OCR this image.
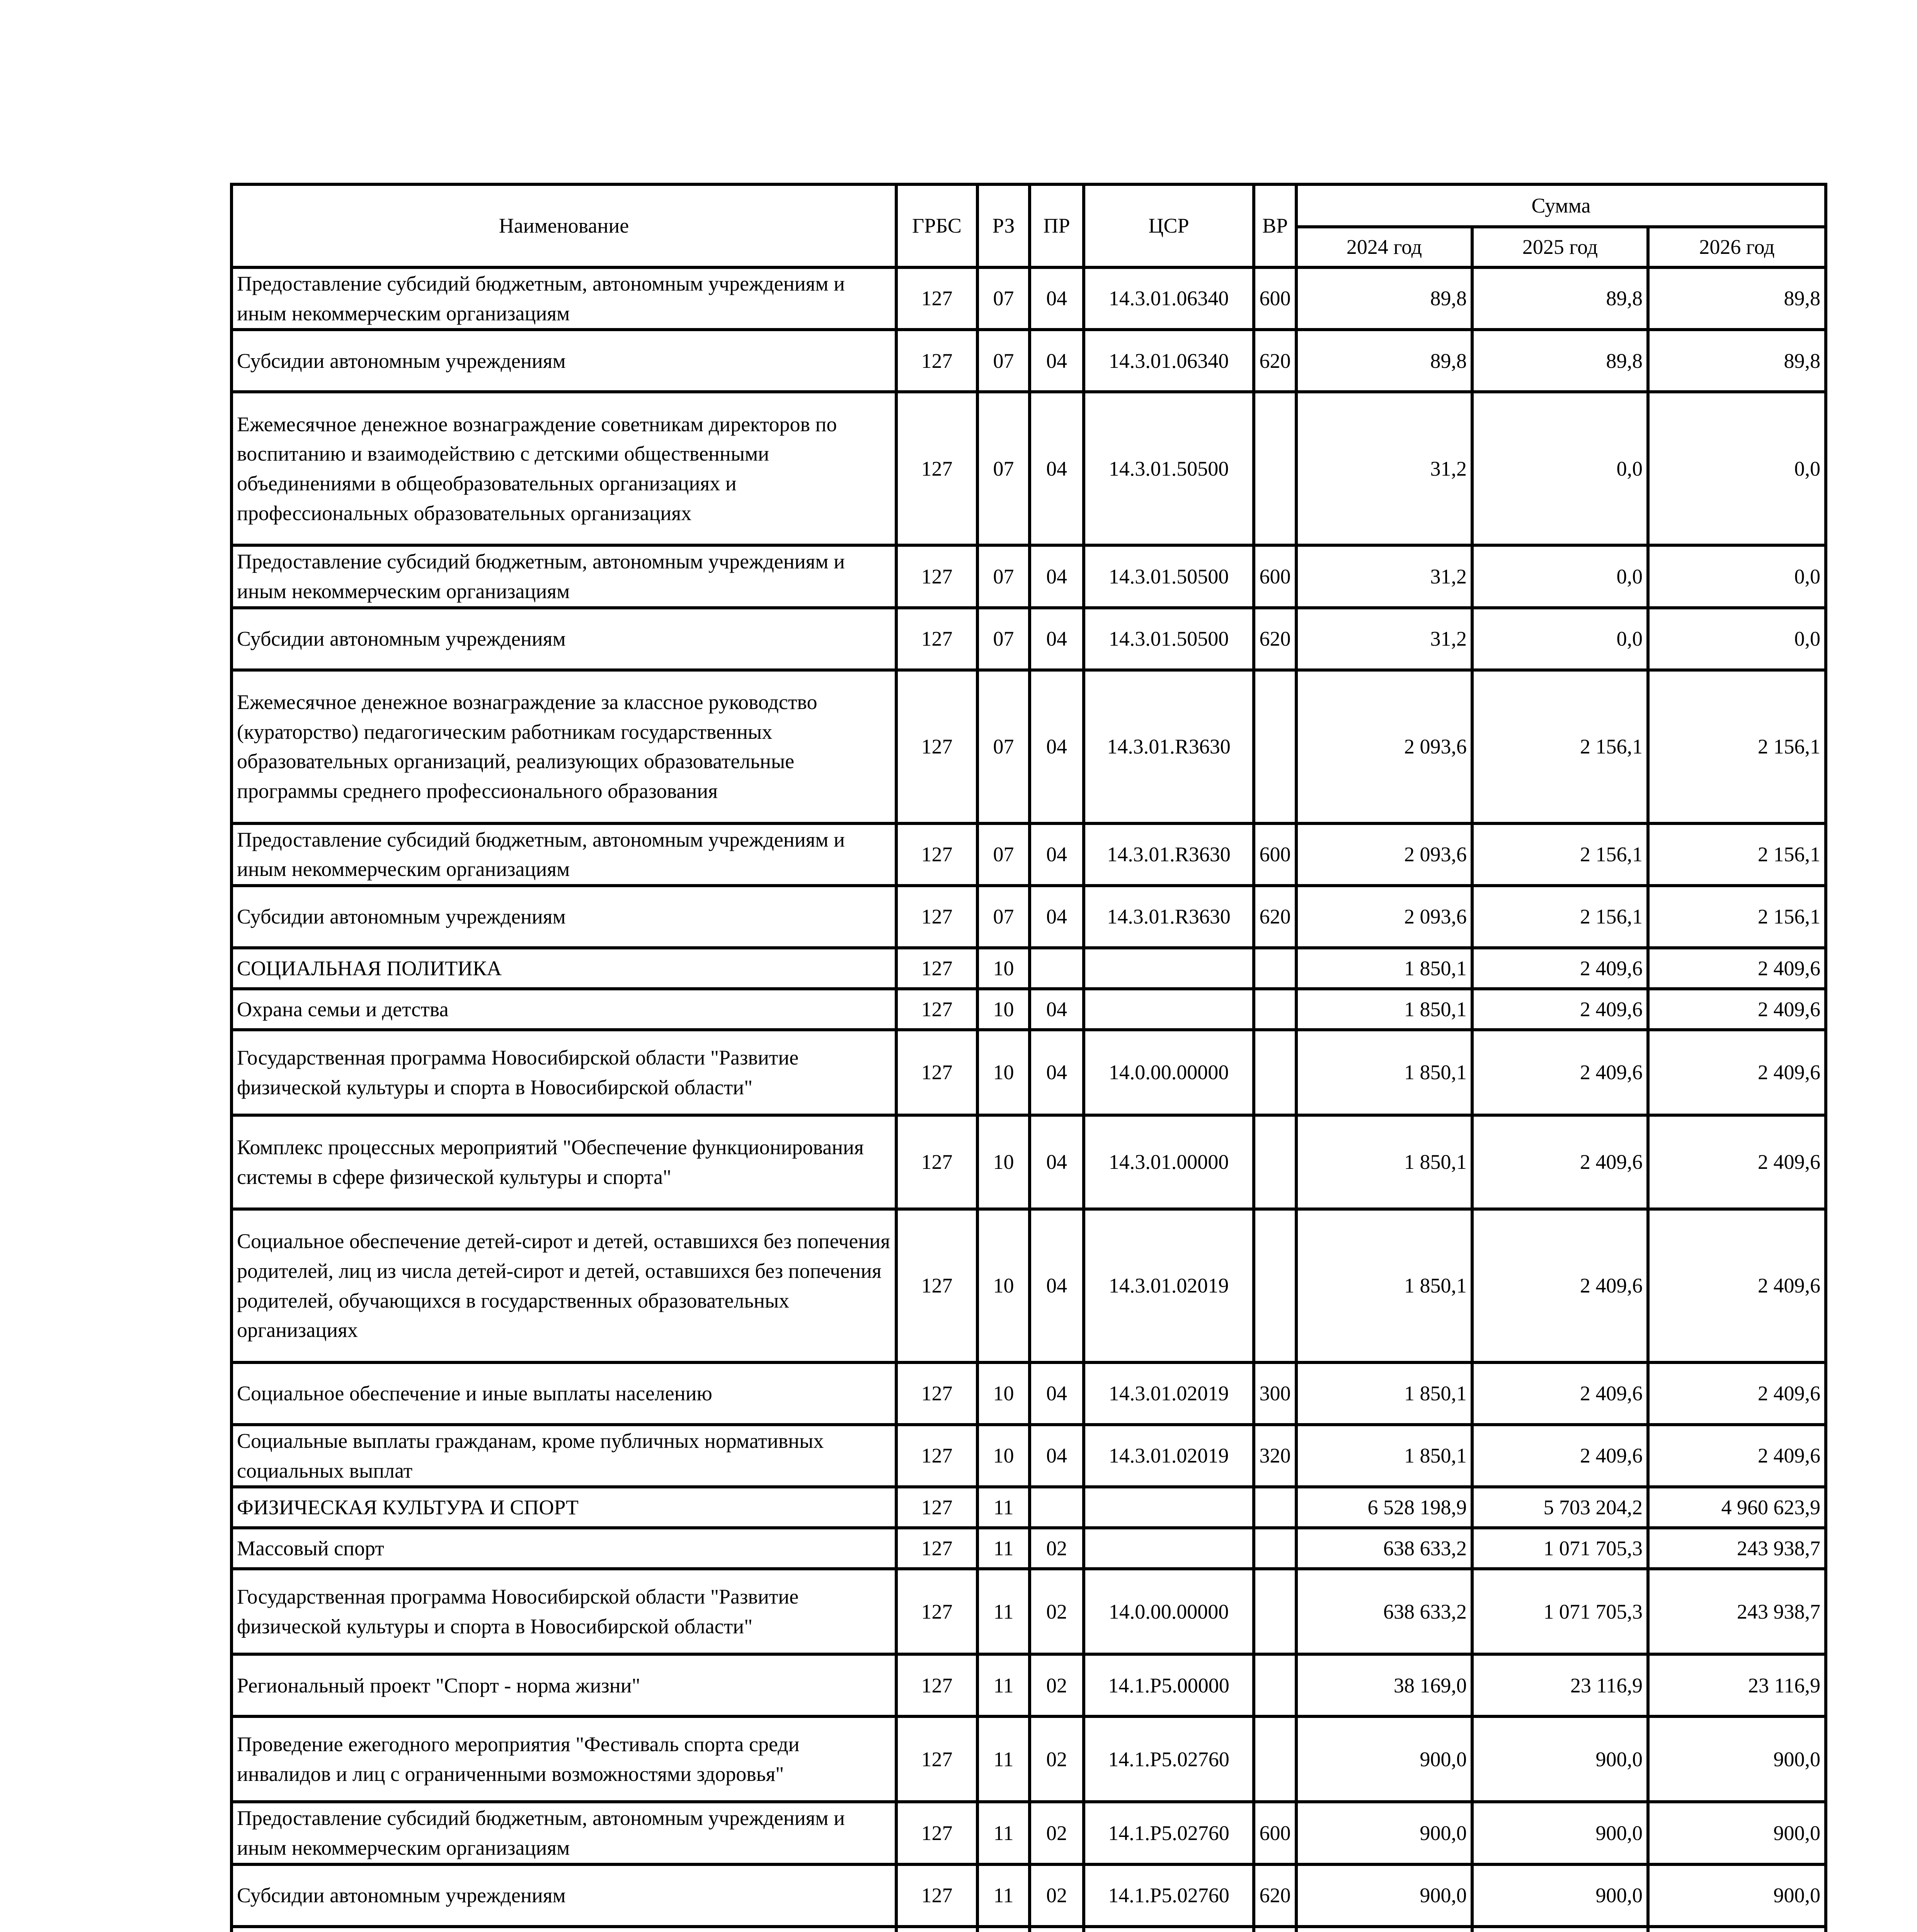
Наименование	ГРБС	РЗ	ПР	ЦСР	ВР	Сумма		
						2024 год	2025 год	2026 год
Предоставление субсидий бюджетным, автономным учреждениям и иным некоммерческим организациям	127	07	04	14.3.01.06340	600	89,8	89,8	89,8
Субсидии автономным учреждениям	127	07	04	14.3.01.06340	620	89,8	89,8	89,8
Ежемесячное денежное вознаграждение советникам директоров по воспитанию и взаимодействию с детскими общественными объединениями в общеобразовательных организациях и профессиональных образовательных организациях	127	07	04	14.3.01.50500		31,2	0,0	0,0
Предоставление субсидий бюджетным, автономным учреждениям и иным некоммерческим организациям	127	07	04	14.3.01.50500	600	31,2	0,0	0,0
Субсидии автономным учреждениям	127	07	04	14.3.01.50500	620	31,2	0,0	0,0
Ежемесячное денежное вознаграждение за классное руководство (кураторство) педагогическим работникам государственных образовательных организаций, реализующих образовательные программы среднего профессионального образования	127	07	04	14.3.01.R3630		2 093,6	2 156,1	2 156,1
Предоставление субсидий бюджетным, автономным учреждениям и иным некоммерческим организациям	127	07	04	14.3.01.R3630	600	2 093,6	2 156,1	2 156,1
Субсидии автономным учреждениям	127	07	04	14.3.01.R3630	620	2 093,6	2 156,1	2 156,1
СОЦИАЛЬНАЯ ПОЛИТИКА	127	10				1 850,1	2 409,6	2 409,6
Охрана семьи и детства	127	10	04			1 850,1	2 409,6	2 409,6
Государственная программа Новосибирской области "Развитие физической культуры и спорта в Новосибирской области"	127	10	04	14.0.00.00000		1 850,1	2 409,6	2 409,6
Комплекс процессных мероприятий "Обеспечение функционирования системы в сфере физической культуры и спорта"	127	10	04	14.3.01.00000		1 850,1	2 409,6	2 409,6
Социальное обеспечение детей-сирот и детей, оставшихся без попечения родителей, лиц из числа детей-сирот и детей, оставшихся без попечения родителей, обучающихся в государственных образовательных организациях	127	10	04	14.3.01.02019		1 850,1	2 409,6	2 409,6
Социальное обеспечение и иные выплаты населению	127	10	04	14.3.01.02019	300	1 850,1	2 409,6	2 409,6
Социальные выплаты гражданам, кроме публичных нормативных социальных выплат	127	10	04	14.3.01.02019	320	1 850,1	2 409,6	2 409,6
ФИЗИЧЕСКАЯ КУЛЬТУРА И СПОРТ	127	11				6 528 198,9	5 703 204,2	4 960 623,9
Массовый спорт	127	11	02			638 633,2	1 071 705,3	243 938,7
Государственная программа Новосибирской области "Развитие физической культуры и спорта в Новосибирской области"	127	11	02	14.0.00.00000		638 633,2	1 071 705,3	243 938,7
Региональный проект "Спорт - норма жизни"	127	11	02	14.1.P5.00000		38 169,0	23 116,9	23 116,9
Проведение ежегодного мероприятия "Фестиваль спорта среди инвалидов и лиц с ограниченными возможностями здоровья"	127	11	02	14.1.P5.02760		900,0	900,0	900,0
Предоставление субсидий бюджетным, автономным учреждениям и иным некоммерческим организациям	127	11	02	14.1.P5.02760	600	900,0	900,0	900,0
Субсидии автономным учреждениям	127	11	02	14.1.P5.02760	620	900,0	900,0	900,0
